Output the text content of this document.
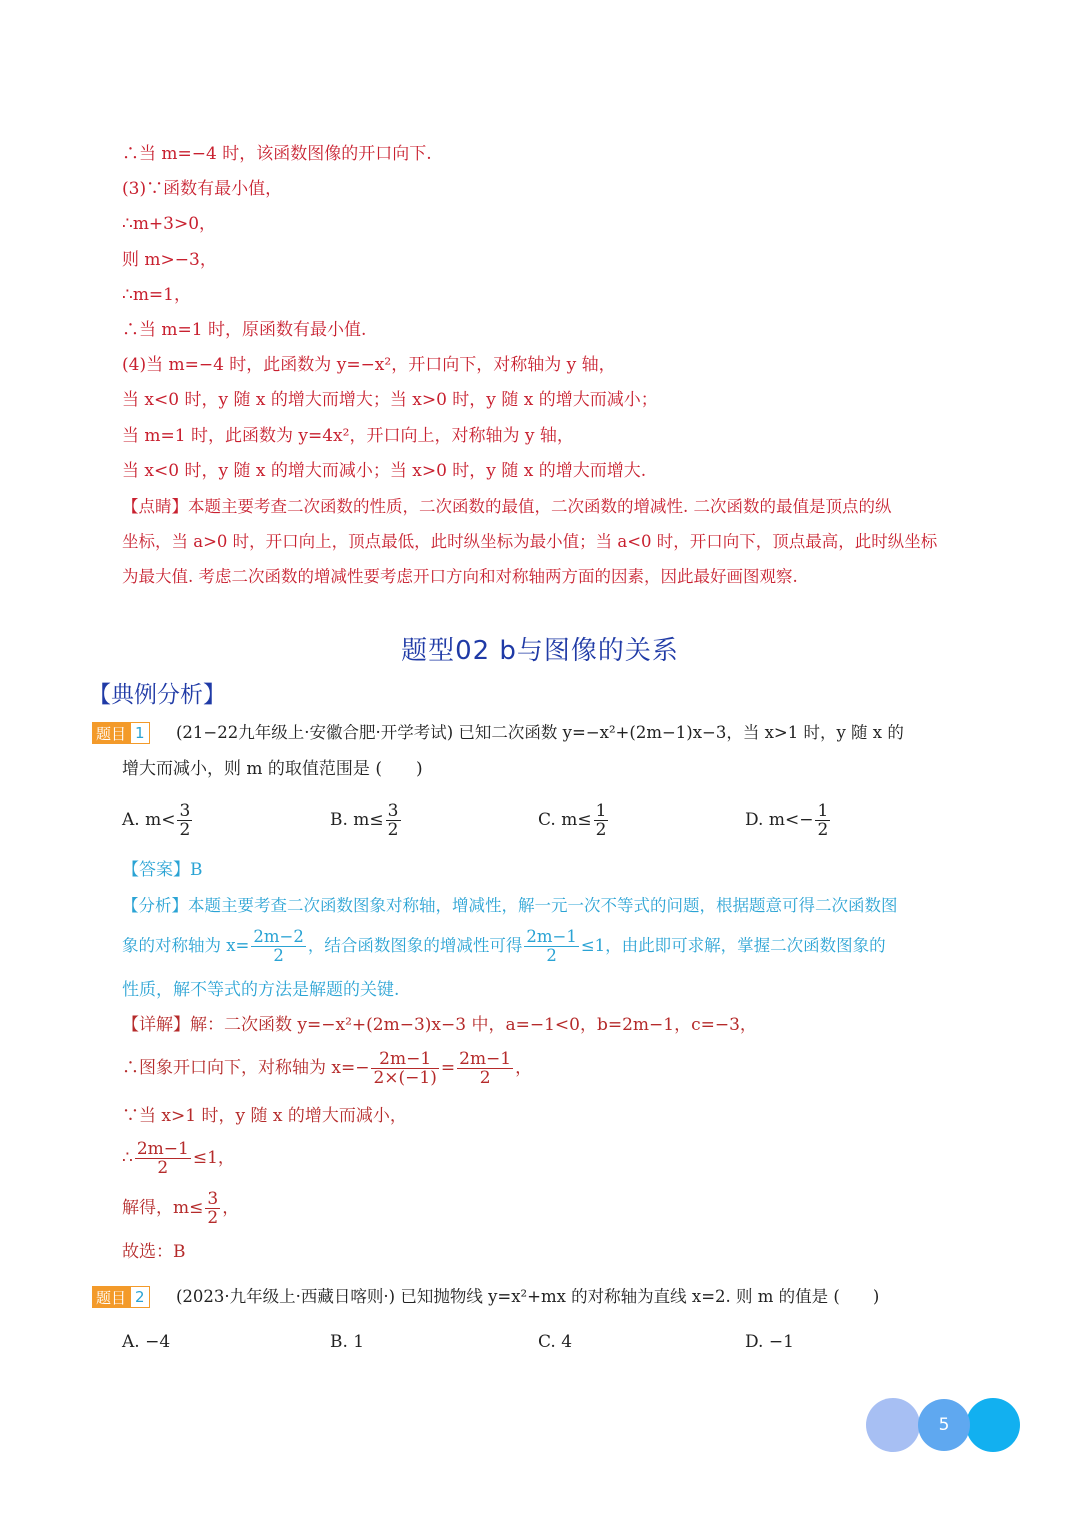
∴当 m=−4 时，该函数图像的开口向下.
(3)∵函数有最小值，
∴m+3>0，
则 m>−3，
∴m=1，
∴当 m=1 时，原函数有最小值.
(4)当 m=−4 时，此函数为 y=−x²，开口向下，对称轴为 y 轴，
当 x<0 时，y 随 x 的增大而增大；当 x>0 时，y 随 x 的增大而减小；
当 m=1 时，此函数为 y=4x²，开口向上，对称轴为 y 轴，
当 x<0 时，y 随 x 的增大而减小；当 x>0 时，y 随 x 的增大而增大.
【点睛】本题主要考查二次函数的性质，二次函数的最值，二次函数的增减性. 二次函数的最值是顶点的纵
坐标，当 a>0 时，开口向上，顶点最低，此时纵坐标为最小值；当 a<0 时，开口向下，顶点最高，此时纵坐标
为最大值. 考虑二次函数的增减性要考虑开口方向和对称轴两方面的因素，因此最好画图观察.
题型02 b与图像的关系
【典例分析】
题目 1	(21−22九年级上·安徽合肥·开学考试) 已知二次函数 y=−x²+(2m−1)x−3，当 x>1 时，y 随 x 的
增大而减小，则 m 的取值范围是 (　　)
A. $m< \frac{3}{2}$	B. $m\le \frac{3}{2}$	C. $m\le \frac{1}{2}$	D. $m<- \frac{1}{2}$
【答案】B
【分析】本题主要考查二次函数图象对称轴，增减性，解一元一次不等式的问题，根据题意可得二次函数图
象的对称轴为 $x= \frac{2m-2}{2}$ ，结合函数图象的增减性可得 $\frac{2m-1}{2} \le 1$，由此即可求解，掌握二次函数图象的
性质，解不等式的方法是解题的关键.
【详解】解：二次函数 y=−x²+(2m−3)x−3 中，a=−1<0，b=2m−1，c=−3，
∴图象开口向下，对称轴为 $x=- \frac{2m-1}{2\times(-1)} = \frac{2m-1}{2}$ ，
∵当 x>1 时，y 随 x 的增大而减小，
∴ $\frac{2m-1}{2} \le 1$，
解得，$m\le \frac{3}{2}$ ，
故选：B
题目 2	(2023·九年级上·西藏日喀则·) 已知抛物线 y=x²+mx 的对称轴为直线 x=2. 则 m 的值是 (　　)
A. −4	B. 1	C. 4	D. −1
5
